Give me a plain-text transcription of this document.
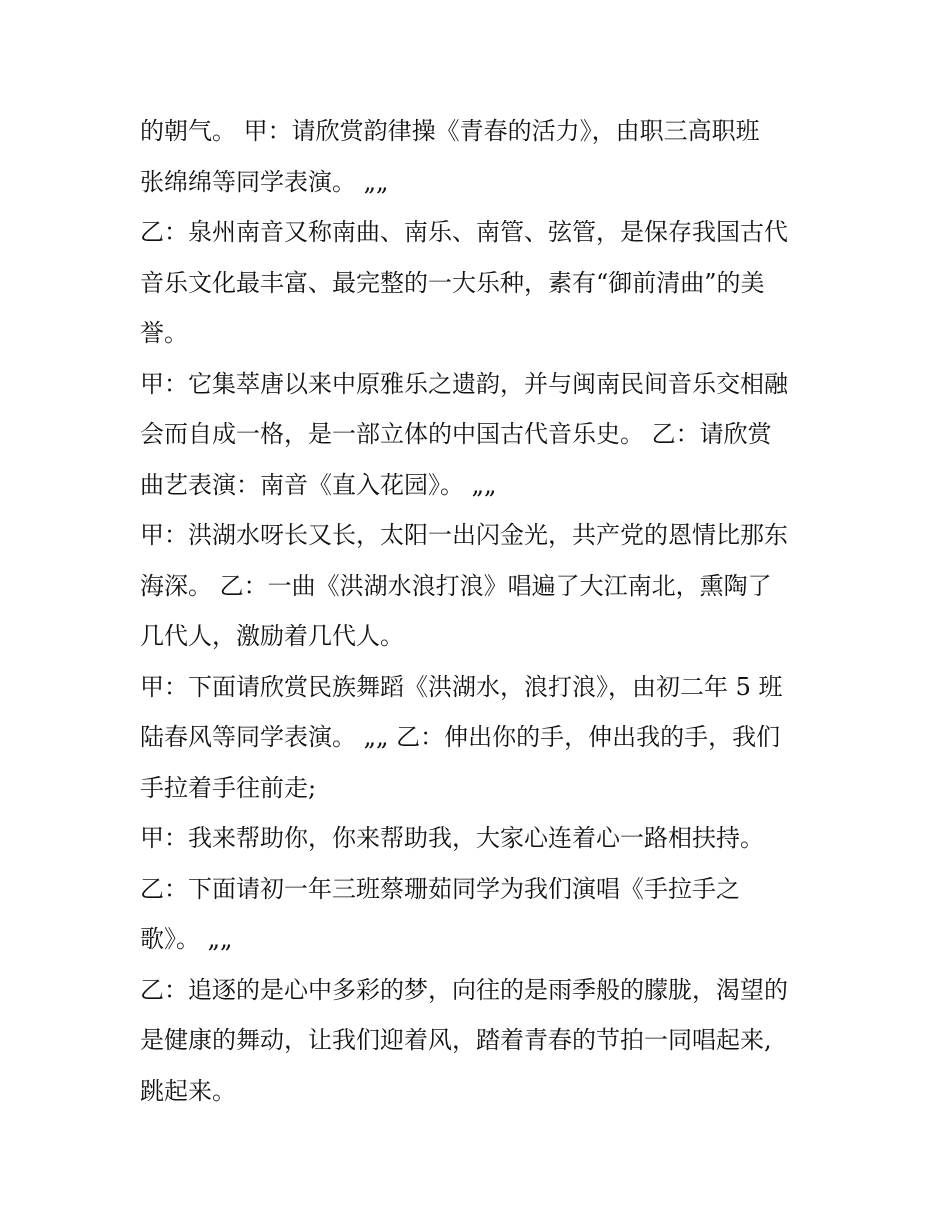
的朝气。 甲：请欣赏韵律操《青春的活力》，由职三高职班
张绵绵等同学表演。 „„
乙：泉州南音又称南曲、南乐、南管、弦管，是保存我国古代
音乐文化最丰富、最完整的一大乐种，素有“御前清曲”的美
誉。
甲：它集萃唐以来中原雅乐之遗韵，并与闽南民间音乐交相融
会而自成一格，是一部立体的中国古代音乐史。 乙：请欣赏
曲艺表演：南音《直入花园》。 „„
甲：洪湖水呀长又长，太阳一出闪金光，共产党的恩情比那东
海深。 乙：一曲《洪湖水浪打浪》唱遍了大江南北，熏陶了
几代人，激励着几代人。
甲：下面请欣赏民族舞蹈《洪湖水，浪打浪》，由初二年 5 班
陆春风等同学表演。 „„ 乙：伸出你的手，伸出我的手，我们
手拉着手往前走;
甲：我来帮助你，你来帮助我，大家心连着心一路相扶持。
乙：下面请初一年三班蔡珊茹同学为我们演唱《手拉手之
歌》。 „„
乙：追逐的是心中多彩的梦，向往的是雨季般的朦胧，渴望的
是健康的舞动，让我们迎着风，踏着青春的节拍一同唱起来,
跳起来。
